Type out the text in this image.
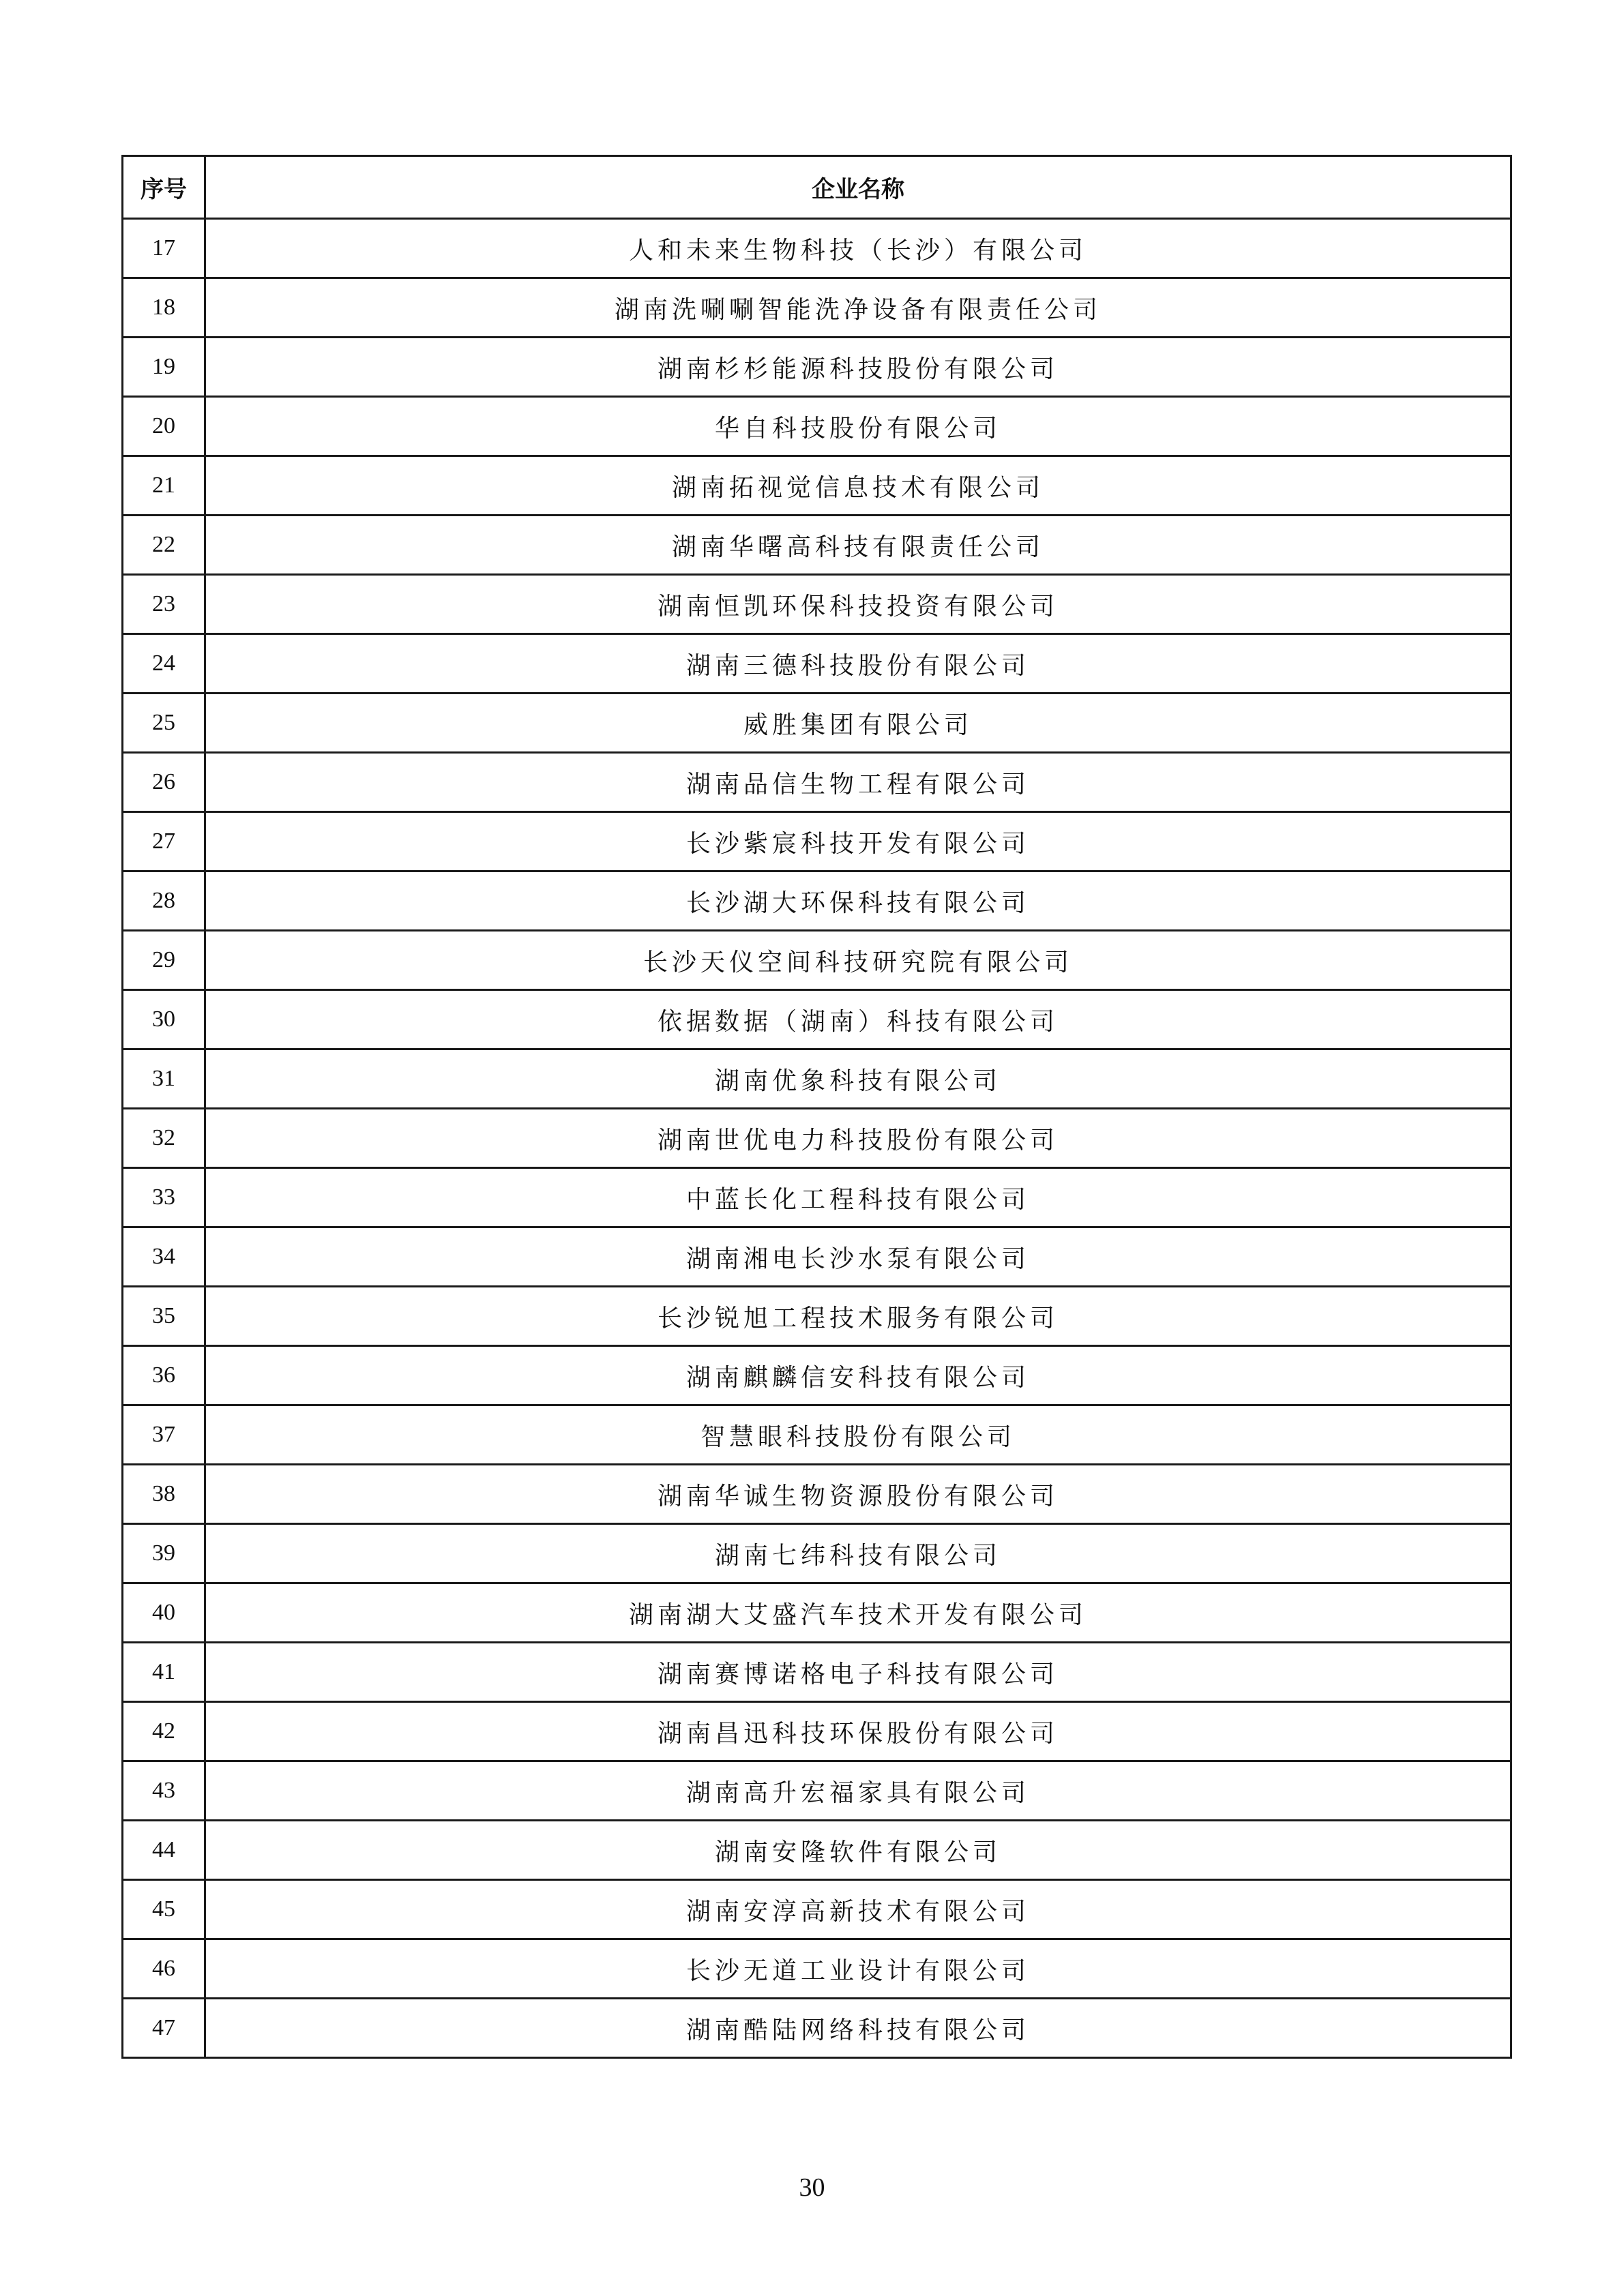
序号	企业名称
17	人和未来生物科技（长沙）有限公司
18	湖南洗唰唰智能洗净设备有限责任公司
19	湖南杉杉能源科技股份有限公司
20	华自科技股份有限公司
21	湖南拓视觉信息技术有限公司
22	湖南华曙高科技有限责任公司
23	湖南恒凯环保科技投资有限公司
24	湖南三德科技股份有限公司
25	威胜集团有限公司
26	湖南品信生物工程有限公司
27	长沙紫宸科技开发有限公司
28	长沙湖大环保科技有限公司
29	长沙天仪空间科技研究院有限公司
30	依据数据（湖南）科技有限公司
31	湖南优象科技有限公司
32	湖南世优电力科技股份有限公司
33	中蓝长化工程科技有限公司
34	湖南湘电长沙水泵有限公司
35	长沙锐旭工程技术服务有限公司
36	湖南麒麟信安科技有限公司
37	智慧眼科技股份有限公司
38	湖南华诚生物资源股份有限公司
39	湖南七纬科技有限公司
40	湖南湖大艾盛汽车技术开发有限公司
41	湖南赛博诺格电子科技有限公司
42	湖南昌迅科技环保股份有限公司
43	湖南高升宏福家具有限公司
44	湖南安隆软件有限公司
45	湖南安淳高新技术有限公司
46	长沙无道工业设计有限公司
47	湖南酷陆网络科技有限公司
30
